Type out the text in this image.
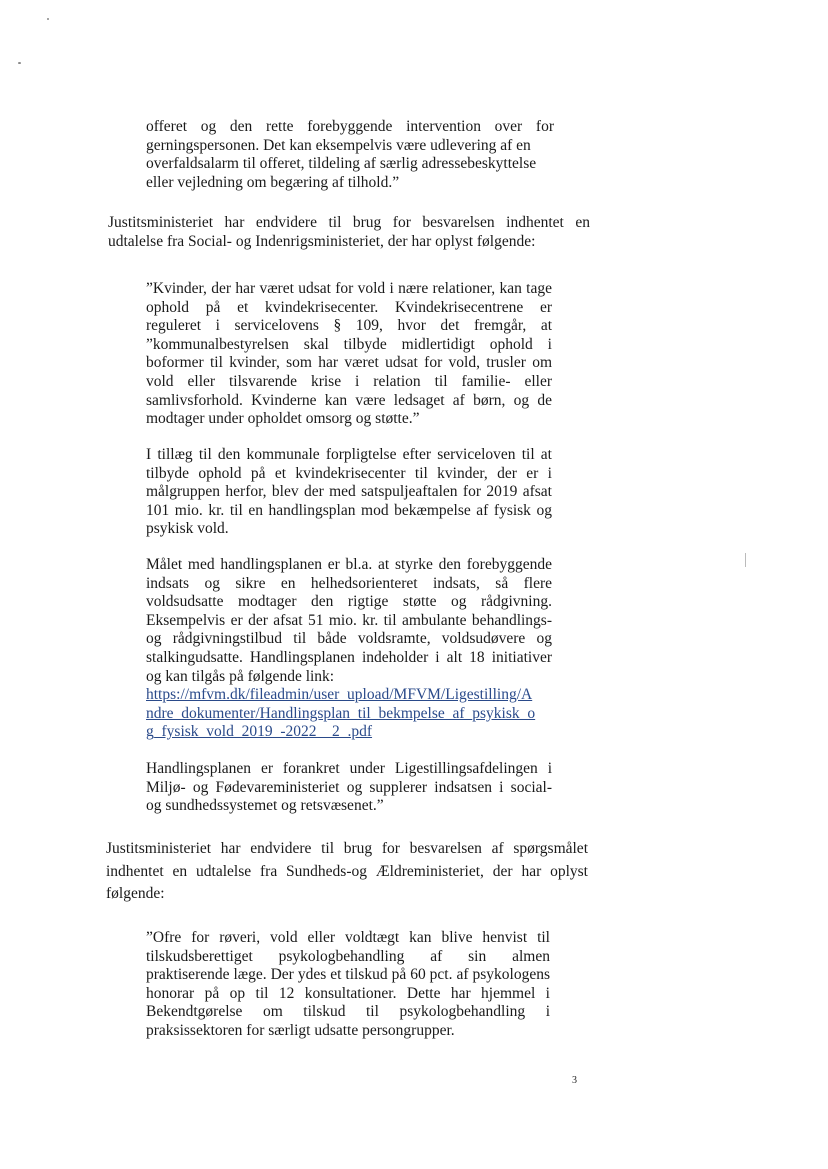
offeret og den rette forebyggende intervention over for
gerningspersonen. Det kan eksempelvis være udlevering af en
overfaldsalarm til offeret, tildeling af særlig adressebeskyttelse
eller vejledning om begæring af tilhold.”
Justitsministeriet har endvidere til brug for besvarelsen indhentet en
udtalelse fra Social- og Indenrigsministeriet, der har oplyst følgende:
”Kvinder, der har været udsat for vold i nære relationer, kan tage
ophold på et kvindekrisecenter. Kvindekrisecentrene er
reguleret i servicelovens § 109, hvor det fremgår, at
”kommunalbestyrelsen skal tilbyde midlertidigt ophold i
boformer til kvinder, som har været udsat for vold, trusler om
vold eller tilsvarende krise i relation til familie- eller
samlivsforhold. Kvinderne kan være ledsaget af børn, og de
modtager under opholdet omsorg og støtte.”
I tillæg til den kommunale forpligtelse efter serviceloven til at
tilbyde ophold på et kvindekrisecenter til kvinder, der er i
målgruppen herfor, blev der med satspuljeaftalen for 2019 afsat
101 mio. kr. til en handlingsplan mod bekæmpelse af fysisk og
psykisk vold.
Målet med handlingsplanen er bl.a. at styrke den forebyggende
indsats og sikre en helhedsorienteret indsats, så flere
voldsudsatte modtager den rigtige støtte og rådgivning.
Eksempelvis er der afsat 51 mio. kr. til ambulante behandlings-
og rådgivningstilbud til både voldsramte, voldsudøvere og
stalkingudsatte. Handlingsplanen indeholder i alt 18 initiativer
og kan tilgås på følgende link:
https://mfvm.dk/fileadmin/user_upload/MFVM/Ligestilling/A
ndre_dokumenter/Handlingsplan_til_bekmpelse_af_psykisk_o
g_fysisk_vold_2019_-2022__2_.pdf
Handlingsplanen er forankret under Ligestillingsafdelingen i
Miljø- og Fødevareministeriet og supplerer indsatsen i social-
og sundhedssystemet og retsvæsenet.”
Justitsministeriet har endvidere til brug for besvarelsen af spørgsmålet
indhentet en udtalelse fra Sundheds-og Ældreministeriet, der har oplyst
følgende:
”Ofre for røveri, vold eller voldtægt kan blive henvist til
tilskudsberettiget psykologbehandling af sin almen
praktiserende læge. Der ydes et tilskud på 60 pct. af psykologens
honorar på op til 12 konsultationer. Dette har hjemmel i
Bekendtgørelse om tilskud til psykologbehandling i
praksissektoren for særligt udsatte persongrupper.
3
